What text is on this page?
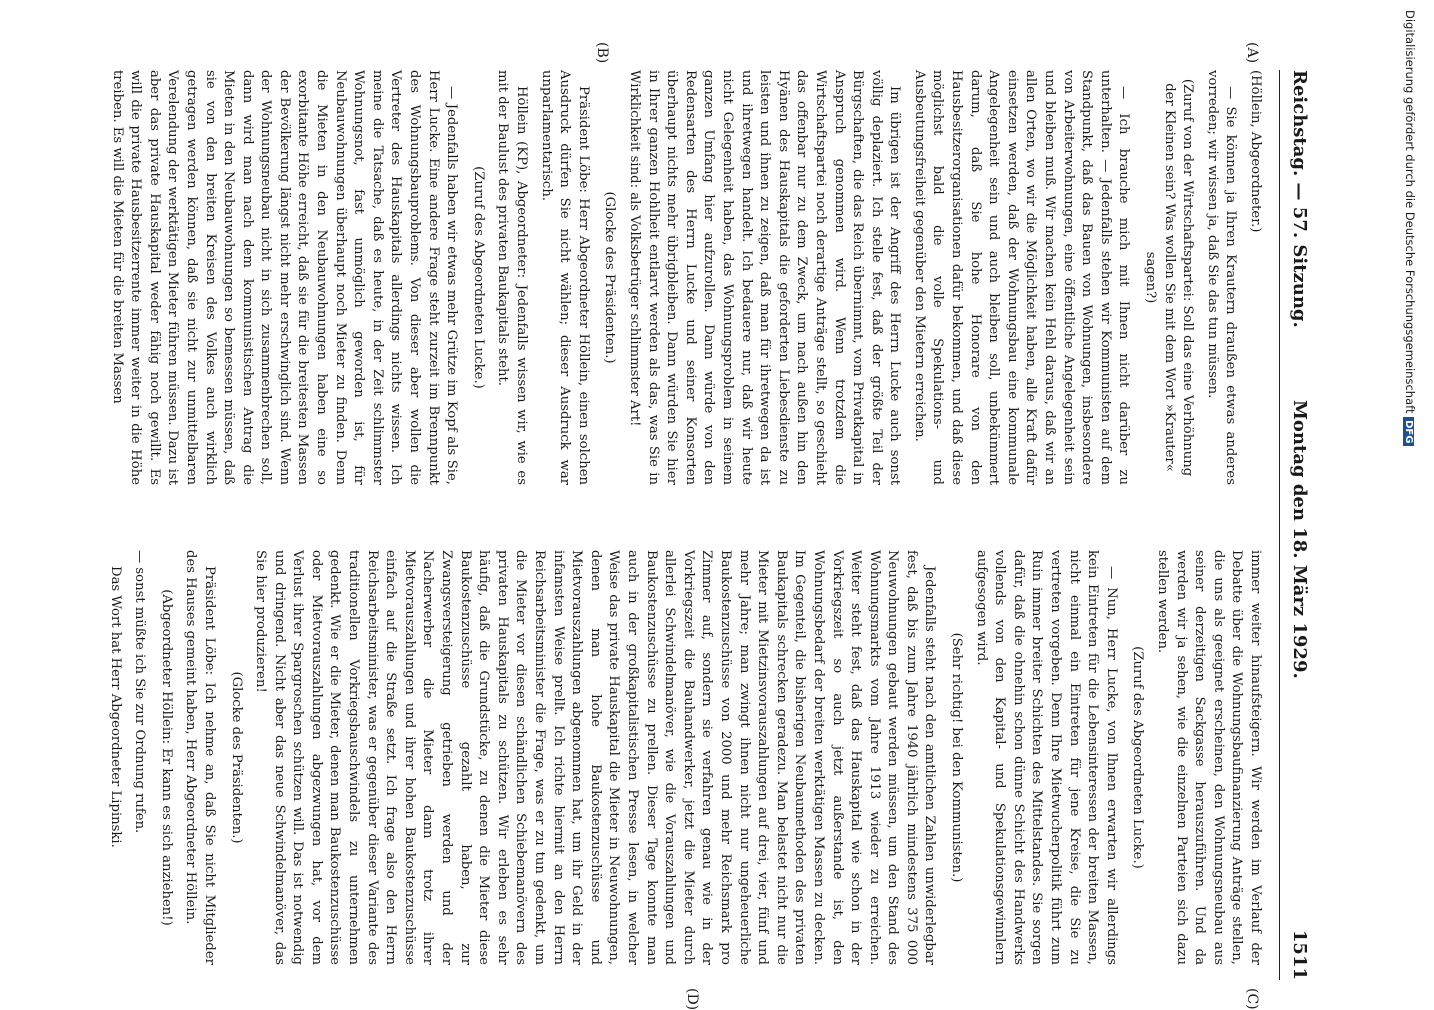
Reichstag. — 57. Sitzung.
Montag den 18. März 1929.
1511
(A)
(B)
(C)
(D)

(Höllein, Abgeordneter.)

— Sie können ja Ihren Krautern draußen etwas anderes vorreden; wir wissen ja, daß Sie das tun müssen.

(Zuruf von der Wirtschaftspartei: Soll das eine Verhöhnung der Kleinen sein? Was wollen Sie mit dem Wort »Krauter« sagen?)

— Ich brauche mich mit Ihnen nicht darüber zu unterhalten. — Jedenfalls stehen wir Kommunisten auf dem Standpunkt, daß das Bauen von Wohnungen, insbesondere von Arbeiterwohnungen, eine öffentliche Angelegenheit sein und bleiben muß. Wir machen kein Hehl daraus, daß wir an allen Orten, wo wir die Möglichkeit haben, alle Kraft dafür einsetzen werden, daß der Wohnungsbau eine kommunale Angelegenheit sein und auch bleiben soll, unbekümmert darum, daß Sie hohe Honorare von den Hausbesitzerorganisationen dafür bekommen, und daß diese möglichst bald die volle Spekulations- und Ausbeutungsfreiheit gegenüber den Mietern erreichen.

Im übrigen ist der Angriff des Herrn Lucke auch sonst völlig deplaziert. Ich stelle fest, daß der größte Teil der Bürgschaften, die das Reich übernimmt, vom Privatkapital in Anspruch genommen wird. Wenn trotzdem die Wirtschaftspartei noch derartige Anträge stellt, so geschieht das offenbar nur zu dem Zweck, um nach außen hin den Hyänen des Hauskapitals die geforderten Liebesdienste zu leisten und ihnen zu zeigen, daß man für ihretwegen da ist und ihretwegen handelt. Ich bedauere nur, daß wir heute nicht Gelegenheit haben, das Wohnungsproblem in seinem ganzen Umfang hier aufzurollen. Dann würde von den Redensarten des Herrn Lucke und seiner Konsorten überhaupt nichts mehr übrigbleiben. Dann würden Sie hier in Ihrer ganzen Hohlheit entlarvt werden als das, was Sie in Wirklichkeit sind: als Volksbetrüger schlimmster Art!

(Glocke des Präsidenten.)

Präsident Löbe: Herr Abgeordneter Höllein, einen solchen Ausdruck dürfen Sie nicht wählen; dieser Ausdruck war unparlamentarisch.

Höllein (KP), Abgeordneter: Jedenfalls wissen wir, wie es mit der Baulust des privaten Baukapitals steht.

(Zuruf des Abgeordneten Lucke.)

— Jedenfalls haben wir etwas mehr Grütze im Kopf als Sie, Herr Lucke. Eine andere Frage steht zurzeit im Brennpunkt des Wohnungsbauproblems. Von dieser aber wollen die Vertreter des Hauskapitals allerdings nichts wissen. Ich meine die Tatsache, daß es heute, in der Zeit schlimmster Wohnungsnot, fast unmöglich geworden ist, für Neubauwohnungen überhaupt noch Mieter zu finden. Denn die Mieten in den Neubauwohnungen haben eine so exorbitante Höhe erreicht, daß sie für die breitesten Massen der Bevölkerung längst nicht mehr erschwinglich sind. Wenn der Wohnungsneubau nicht in sich zusammenbrechen soll, dann wird man nach dem kommunistischen Antrag die Mieten in den Neubauwohnungen so bemessen müssen, daß sie von den breiten Kreisen des Volkes auch wirklich getragen werden können, daß sie nicht zur unmittelbaren Verelendung der werktätigen Mieter führen müssen. Dazu ist aber das private Hauskapital weder fähig noch gewillt. Es will die private Hausbesitzerrente immer weiter in die Höhe treiben. Es will die Mieten für die breiten Massen

immer weiter hinaufsteigern. Wir werden im Verlauf der Debatte über die Wohnungsbaufinanzierung Anträge stellen, die uns als geeignet erscheinen, den Wohnungsneubau aus seiner derzeitigen Sackgasse herauszuführen. Und da werden wir ja sehen, wie die einzelnen Parteien sich dazu stellen werden.

(Zuruf des Abgeordneten Lucke.)

— Nun, Herr Lucke, von Ihnen erwarten wir allerdings kein Eintreten für die Lebensinteressen der breiten Massen, nicht einmal ein Eintreten für jene Kreise, die Sie zu vertreten vorgeben. Denn Ihre Mietwucherpolitik führt zum Ruin immer breiter Schichten des Mittelstandes. Sie sorgen dafür, daß die ohnehin schon dünne Schicht des Handwerks vollends von den Kapital- und Spekulationsgewinnlern aufgesogen wird.

(Sehr richtig! bei den Kommunisten.)

Jedenfalls steht nach den amtlichen Zahlen unwiderlegbar fest, daß bis zum Jahre 1940 jährlich mindestens 375 000 Neuwohnungen gebaut werden müssen, um den Stand des Wohnungsmarkts vom Jahre 1913 wieder zu erreichen. Weiter steht fest, daß das Hauskapital wie schon in der Vorkriegszeit so auch jetzt außerstande ist, den Wohnungsbedarf der breiten werktätigen Massen zu decken. Im Gegenteil, die bisherigen Neubaumethoden des privaten Baukapitals schrecken geradezu. Man belastet nicht nur die Mieter mit Mietzinsvorauszahlungen auf drei, vier, fünf und mehr Jahre; man zwingt ihnen nicht nur ungeheuerliche Baukostenzuschüsse von 2000 und mehr Reichsmark pro Zimmer auf, sondern sie verfahren genau wie in der Vorkriegszeit die Bauhandwerker, jetzt die Mieter durch allerlei Schwindelmanöver, wie die Vorauszahlungen und Baukostenzuschüsse zu prellen. Dieser Tage konnte man auch in der großkapitalistischen Presse lesen, in welcher Weise das private Hauskapital die Mieter in Neuwohnungen, denen man hohe Baukostenzuschüsse und Mietvorauszahlungen abgenommen hat, um ihr Geld in der infamsten Weise prellt. Ich richte hiermit an den Herrn Reichsarbeitsminister die Frage, was er zu tun gedenkt, um die Mieter vor diesen schändlichen Schiebemanövern des privaten Hauskapitals zu schützen. Wir erleben es sehr häufig, daß die Grundstücke, zu denen die Mieter diese Baukostenzuschüsse gezahlt haben, zur Zwangsversteigerung getrieben werden und der Nacherwerber die Mieter dann trotz ihrer Mietvorauszahlungen und ihrer hohen Baukostenzuschüsse einfach auf die Straße setzt. Ich frage also den Herrn Reichsarbeitsminister, was er gegenüber dieser Variante des traditionellen Vorkriegsbauschwindels zu unternehmen gedenkt. Wie er die Mieter, denen man Baukostenzuschüsse oder Mietvorauszahlungen abgezwungen hat, vor dem Verlust ihrer Spargroschen schützen will. Das ist notwendig und dringend. Nicht aber das neue Schwindelmanöver, das Sie hier produzieren!

(Glocke des Präsidenten.)

Präsident Löbe: Ich nehme an, daß Sie nicht Mitglieder des Hauses gemeint haben, Herr Abgeordneter Höllein.

(Abgeordneter Höllein: Er kann es sich anziehen!)

— sonst müßte ich Sie zur Ordnung rufen.

Das Wort hat Herr Abgeordneter Lipinski.

Digitalisierung gefördert durch die Deutsche Forschungsgemeinschaft DFG
